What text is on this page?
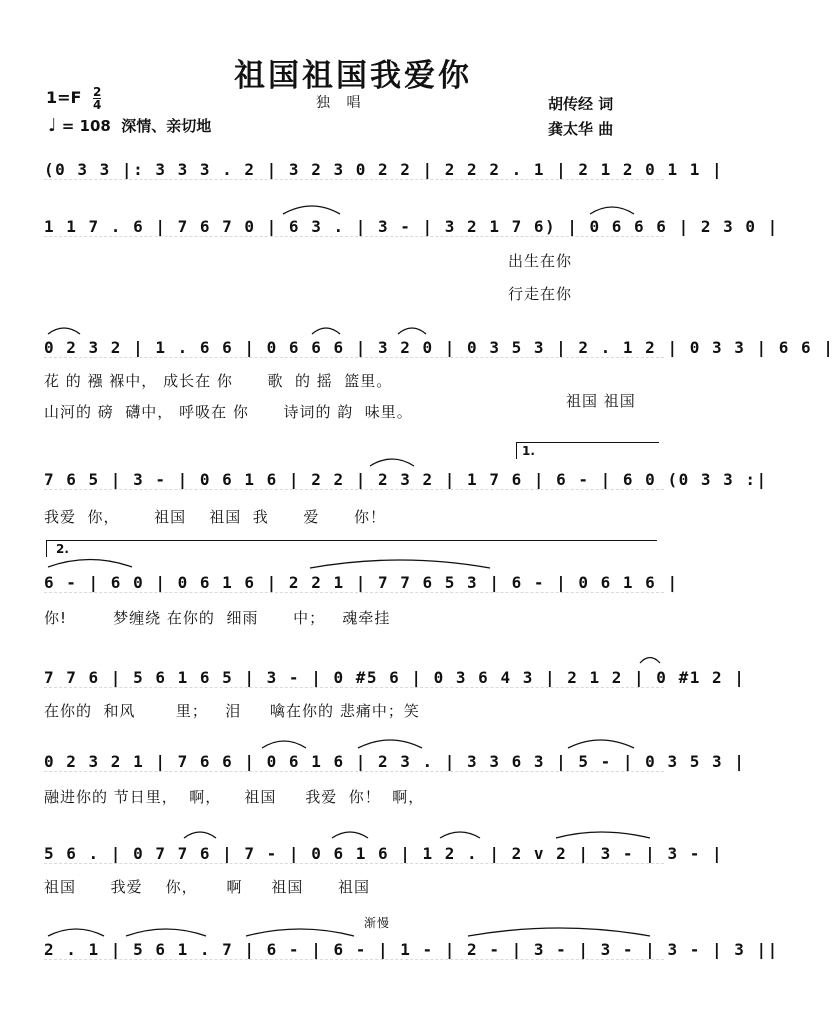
祖国祖国我爱你
$1=F \frac{2}{4}$
♩ = 108 深情、亲切地
独 唱	胡传经 词
龚太华 曲
(0 3 3 |: 3 3 3 . 2 | 3 2 3 0 2 2 | 2 2 2 . 1 | 2 1 2 0 1 1 |
1 1 7 . 6 | 7 6 7 0 | 6 3 . | 3 - | 3 2 1 7 6) | 0 6 6 6 | 2 3 0 |
出生在你
行走在你
0 2 3 2 | 1 . 6 6 | 0 6 6 6 | 3 2 0 | 0 3 5 3 | 2 . 1 2 | 0 3 3 | 6 6 |
花 的 襁 褓中， 成长在 你      歌  的 摇  篮里。
山河的 磅  礴中， 呼吸在 你      诗词的 韵  味里。
祖国 祖国
1.
7 6 5 | 3 - | 0 6 1 6 | 2 2 | 2 3 2 | 1 7 6 | 6 - | 6 0 (0 3 3 :|
我爱  你，      祖国    祖国  我      爱      你！
2.
6 - | 6 0 | 0 6 1 6 | 2 2 1 | 7 7 6 5 3 | 6 - | 0 6 1 6 |
你!        梦缠绕 在你的  细雨      中；   魂牵挂
7 7 6 | 5 6 1 6 5 | 3 - | 0 #5 6 | 0 3 6 4 3 | 2 1 2 | 0 #1 2 |
在你的  和风       里；   泪     噙在你的 悲痛中；笑
0 2 3 2 1 | 7 6 6 | 0 6 1 6 | 2 3 . | 3 3 6 3 | 5 - | 0 3 5 3 |
融进你的 节日里，  啊，    祖国     我爱  你！  啊，
5 6 . | 0 7 7 6 | 7 - | 0 6 1 6 | 1 2 . | 2 v 2 | 3 - | 3 - |
祖国      我爱    你，     啊     祖国      祖国
渐慢
2 . 1 | 5 6 1 . 7 | 6 - | 6 - | 1 - | 2 - | 3 - | 3 - | 3 - | 3 ||
